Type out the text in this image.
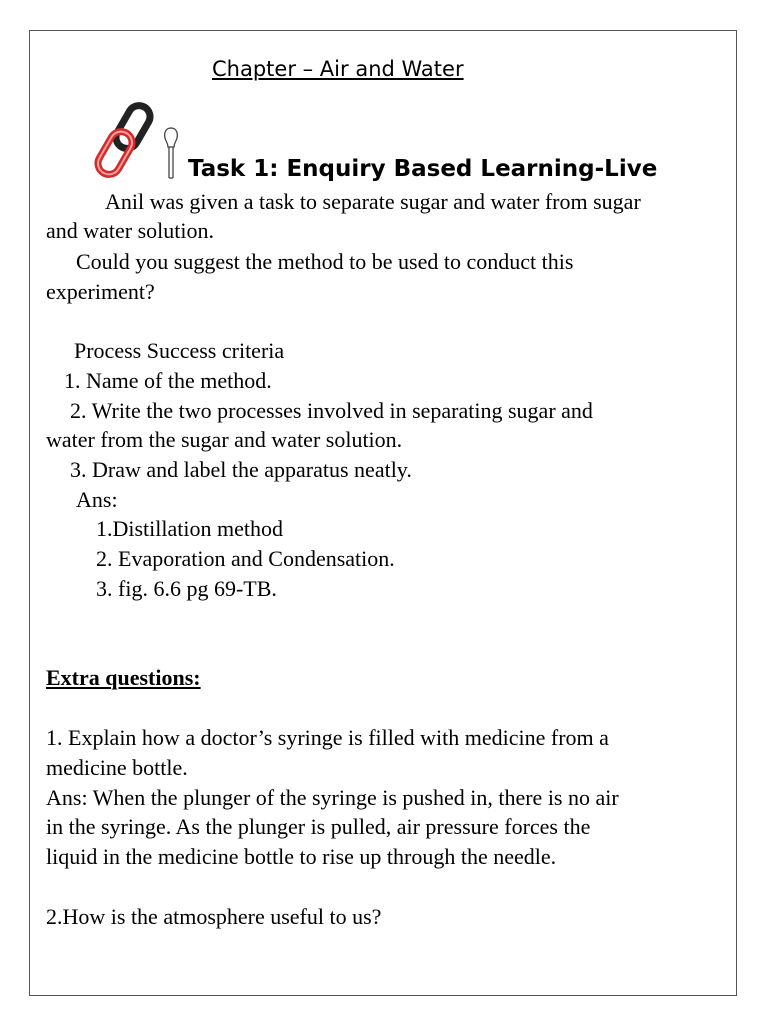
Chapter – Air and Water
Task 1: Enquiry Based Learning-Live
Anil was given a task to separate sugar and water from sugar
and water solution.
Could you suggest the method to be used to conduct this
experiment?
Process Success criteria
1. Name of the method.
2. Write the two processes involved in separating sugar and
water from the sugar and water solution.
3. Draw and label the apparatus neatly.
Ans:
1.Distillation method
2. Evaporation and Condensation.
3. fig. 6.6 pg 69-TB.
Extra questions:
1. Explain how a doctor’s syringe is filled with medicine from a
medicine bottle.
Ans: When the plunger of the syringe is pushed in, there is no air
in the syringe. As the plunger is pulled, air pressure forces the
liquid in the medicine bottle to rise up through the needle.
2.How is the atmosphere useful to us?
